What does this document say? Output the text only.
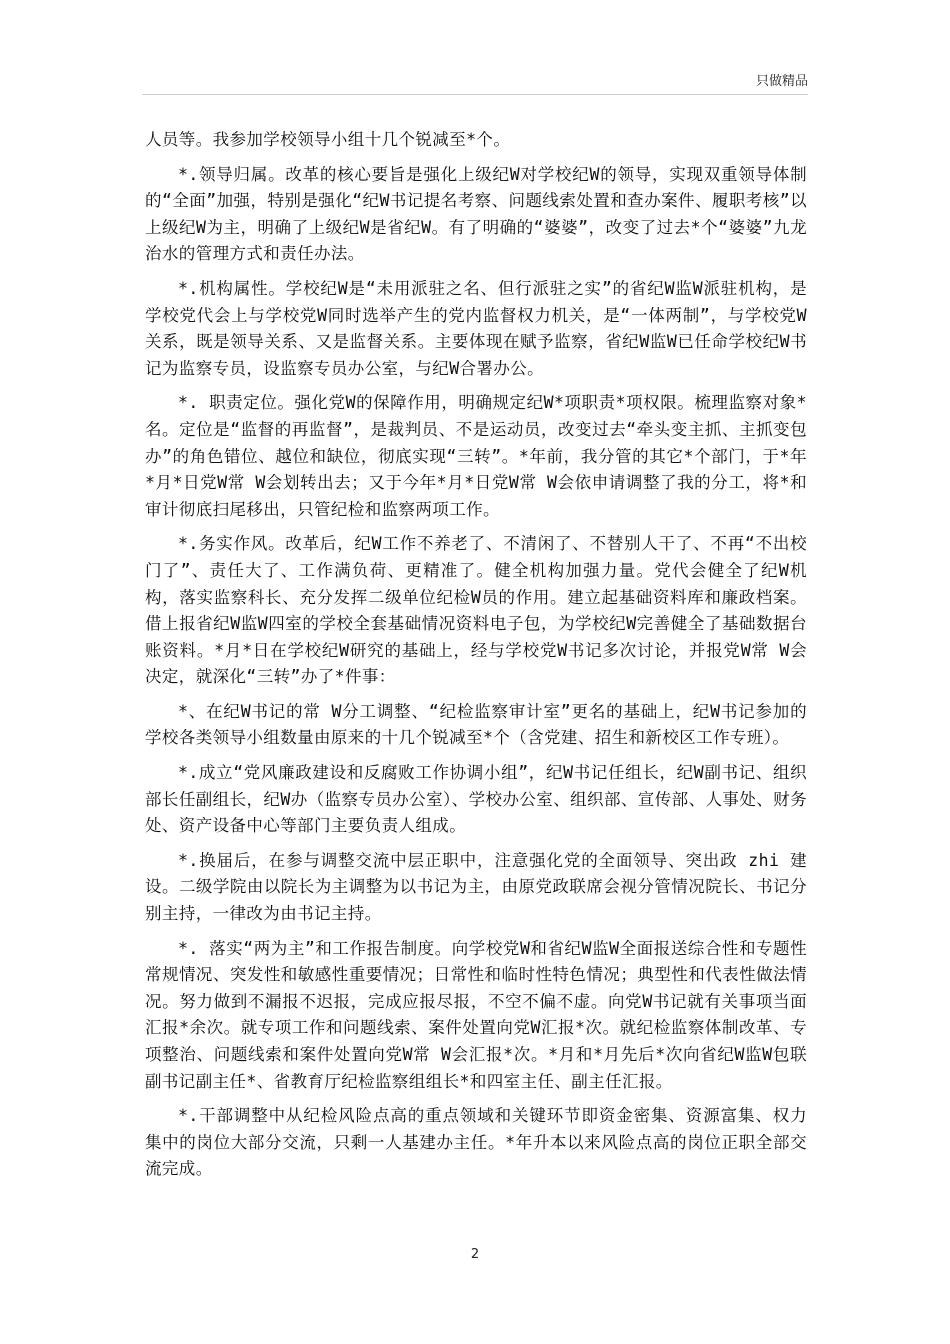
只做精品

人员等。我参加学校领导小组十几个锐减至*个。

*.领导归属。改革的核心要旨是强化上级纪W对学校纪W的领导，实现双重领导体制的“全面”加强，特别是强化“纪W书记提名考察、问题线索处置和查办案件、履职考核”以上级纪W为主，明确了上级纪W是省纪W。有了明确的“婆婆”，改变了过去*个“婆婆”九龙治水的管理方式和责任办法。

*.机构属性。学校纪W是“未用派驻之名、但行派驻之实”的省纪W监W派驻机构，是学校党代会上与学校党W同时选举产生的党内监督权力机关，是“一体两制”，与学校党W关系，既是领导关系、又是监督关系。主要体现在赋予监察，省纪W监W已任命学校纪W书记为监察专员，设监察专员办公室，与纪W合署办公。

*. 职责定位。强化党W的保障作用，明确规定纪W*项职责*项权限。梳理监察对象*名。定位是“监督的再监督”，是裁判员、不是运动员，改变过去“牵头变主抓、主抓变包办”的角色错位、越位和缺位，彻底实现“三转”。*年前，我分管的其它*个部门，于*年*月*日党W常 W会划转出去；又于今年*月*日党W常 W会依申请调整了我的分工，将*和审计彻底扫尾移出，只管纪检和监察两项工作。

*.务实作风。改革后，纪W工作不养老了、不清闲了、不替别人干了、不再“不出校门了”、责任大了、工作满负荷、更精准了。健全机构加强力量。党代会健全了纪W机构，落实监察科长、充分发挥二级单位纪检W员的作用。建立起基础资料库和廉政档案。借上报省纪W监W四室的学校全套基础情况资料电子包，为学校纪W完善健全了基础数据台账资料。*月*日在学校纪W研究的基础上，经与学校党W书记多次讨论，并报党W常 W会决定，就深化“三转”办了*件事：

*、在纪W书记的常 W分工调整、“纪检监察审计室”更名的基础上，纪W书记参加的学校各类领导小组数量由原来的十几个锐减至*个（含党建、招生和新校区工作专班）。

*.成立“党风廉政建设和反腐败工作协调小组”，纪W书记任组长，纪W副书记、组织部长任副组长，纪W办（监察专员办公室）、学校办公室、组织部、宣传部、人事处、财务处、资产设备中心等部门主要负责人组成。

*.换届后，在参与调整交流中层正职中，注意强化党的全面领导、突出政 zhi 建设。二级学院由以院长为主调整为以书记为主，由原党政联席会视分管情况院长、书记分别主持，一律改为由书记主持。

*. 落实“两为主”和工作报告制度。向学校党W和省纪W监W全面报送综合性和专题性常规情况、突发性和敏感性重要情况；日常性和临时性特色情况；典型性和代表性做法情况。努力做到不漏报不迟报，完成应报尽报，不空不偏不虚。向党W书记就有关事项当面汇报*余次。就专项工作和问题线索、案件处置向党W汇报*次。就纪检监察体制改革、专项整治、问题线索和案件处置向党W常 W会汇报*次。*月和*月先后*次向省纪W监W包联副书记副主任*、省教育厅纪检监察组组长*和四室主任、副主任汇报。

*.干部调整中从纪检风险点高的重点领域和关键环节即资金密集、资源富集、权力集中的岗位大部分交流，只剩一人基建办主任。*年升本以来风险点高的岗位正职全部交流完成。

2
